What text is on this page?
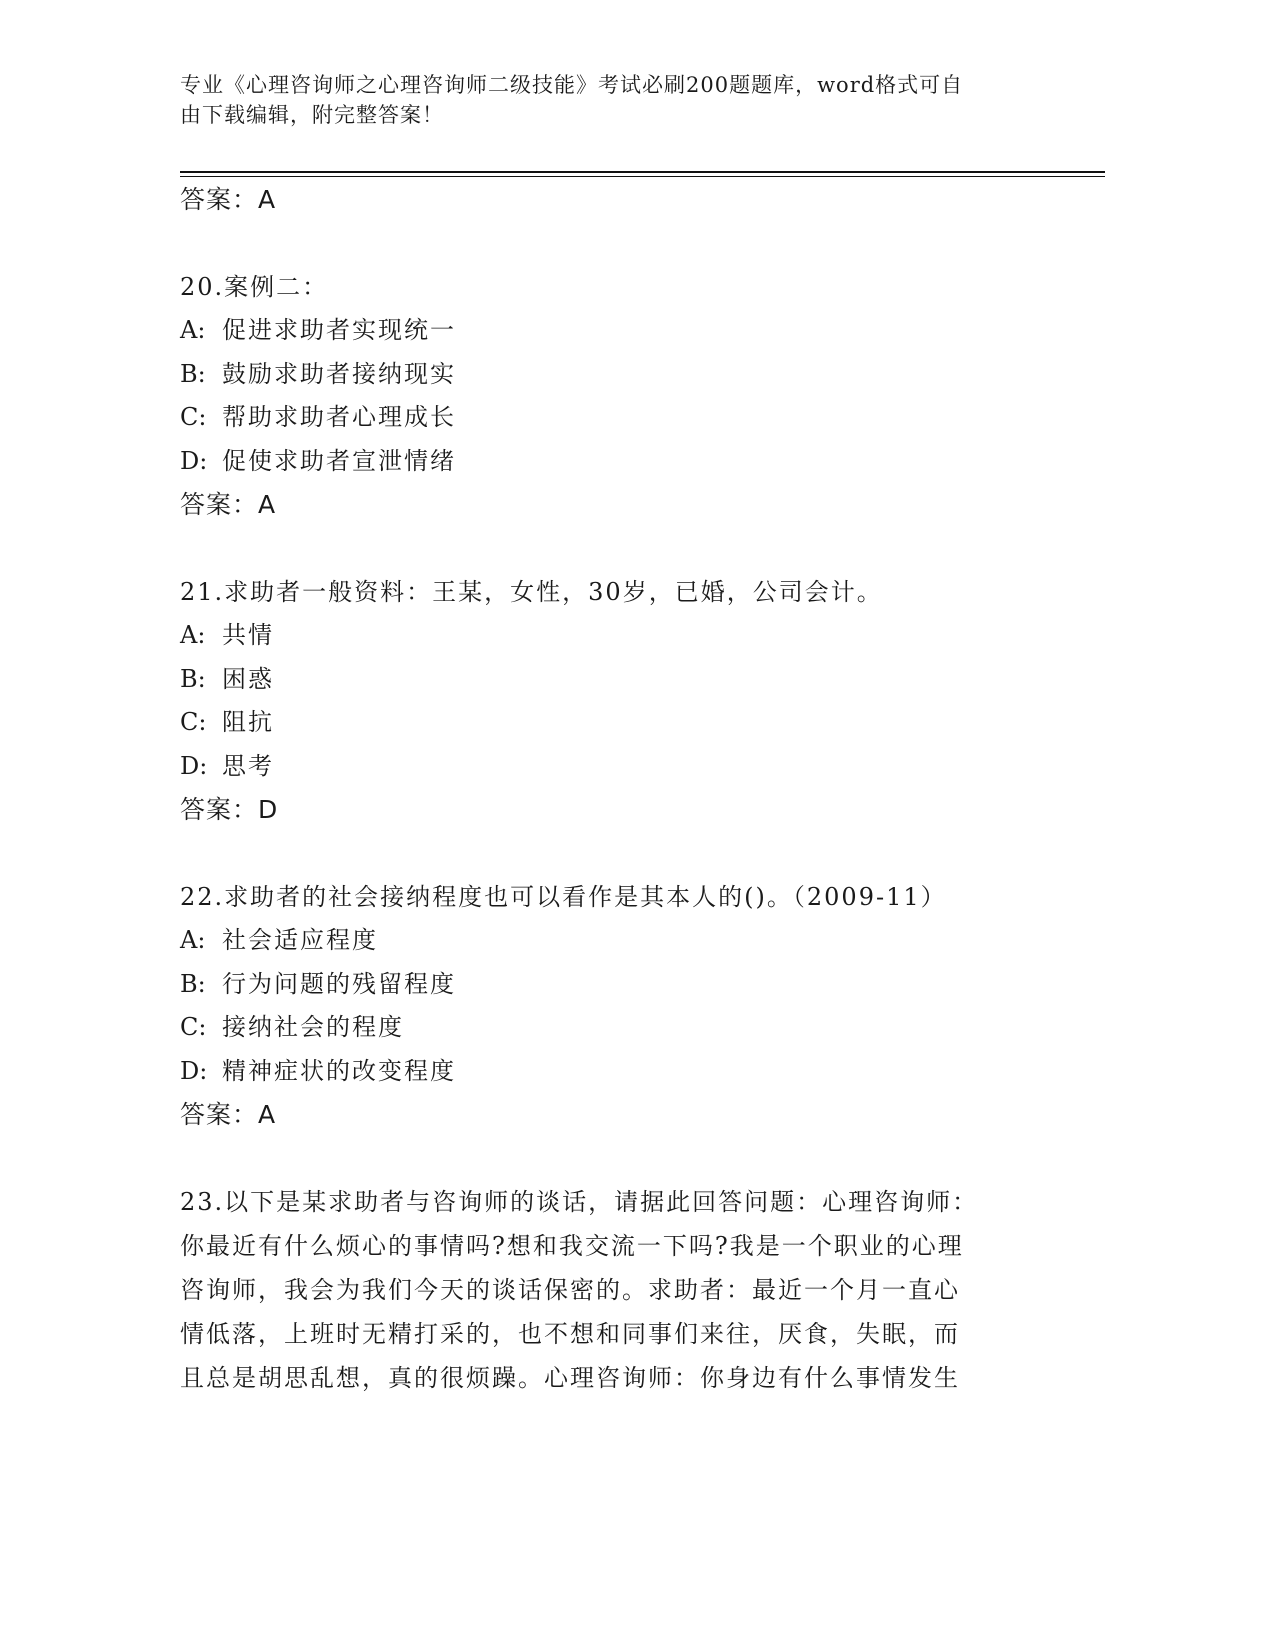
专业《心理咨询师之心理咨询师二级技能》考试必刷200题题库，word格式可自
由下载编辑，附完整答案！
答案：A
20.案例二：
A: 促进求助者实现统一
B: 鼓励求助者接纳现实
C: 帮助求助者心理成长
D: 促使求助者宣泄情绪
答案：A
21.求助者一般资料：王某，女性，30岁，已婚，公司会计。
A: 共情
B: 困惑
C: 阻抗
D: 思考
答案：D
22.求助者的社会接纳程度也可以看作是其本人的()。（2009-11）
A: 社会适应程度
B: 行为问题的残留程度
C: 接纳社会的程度
D: 精神症状的改变程度
答案：A
23.以下是某求助者与咨询师的谈话，请据此回答问题：心理咨询师：
你最近有什么烦心的事情吗?想和我交流一下吗?我是一个职业的心理
咨询师，我会为我们今天的谈话保密的。求助者：最近一个月一直心
情低落，上班时无精打采的，也不想和同事们来往，厌食，失眠，而
且总是胡思乱想，真的很烦躁。心理咨询师：你身边有什么事情发生
